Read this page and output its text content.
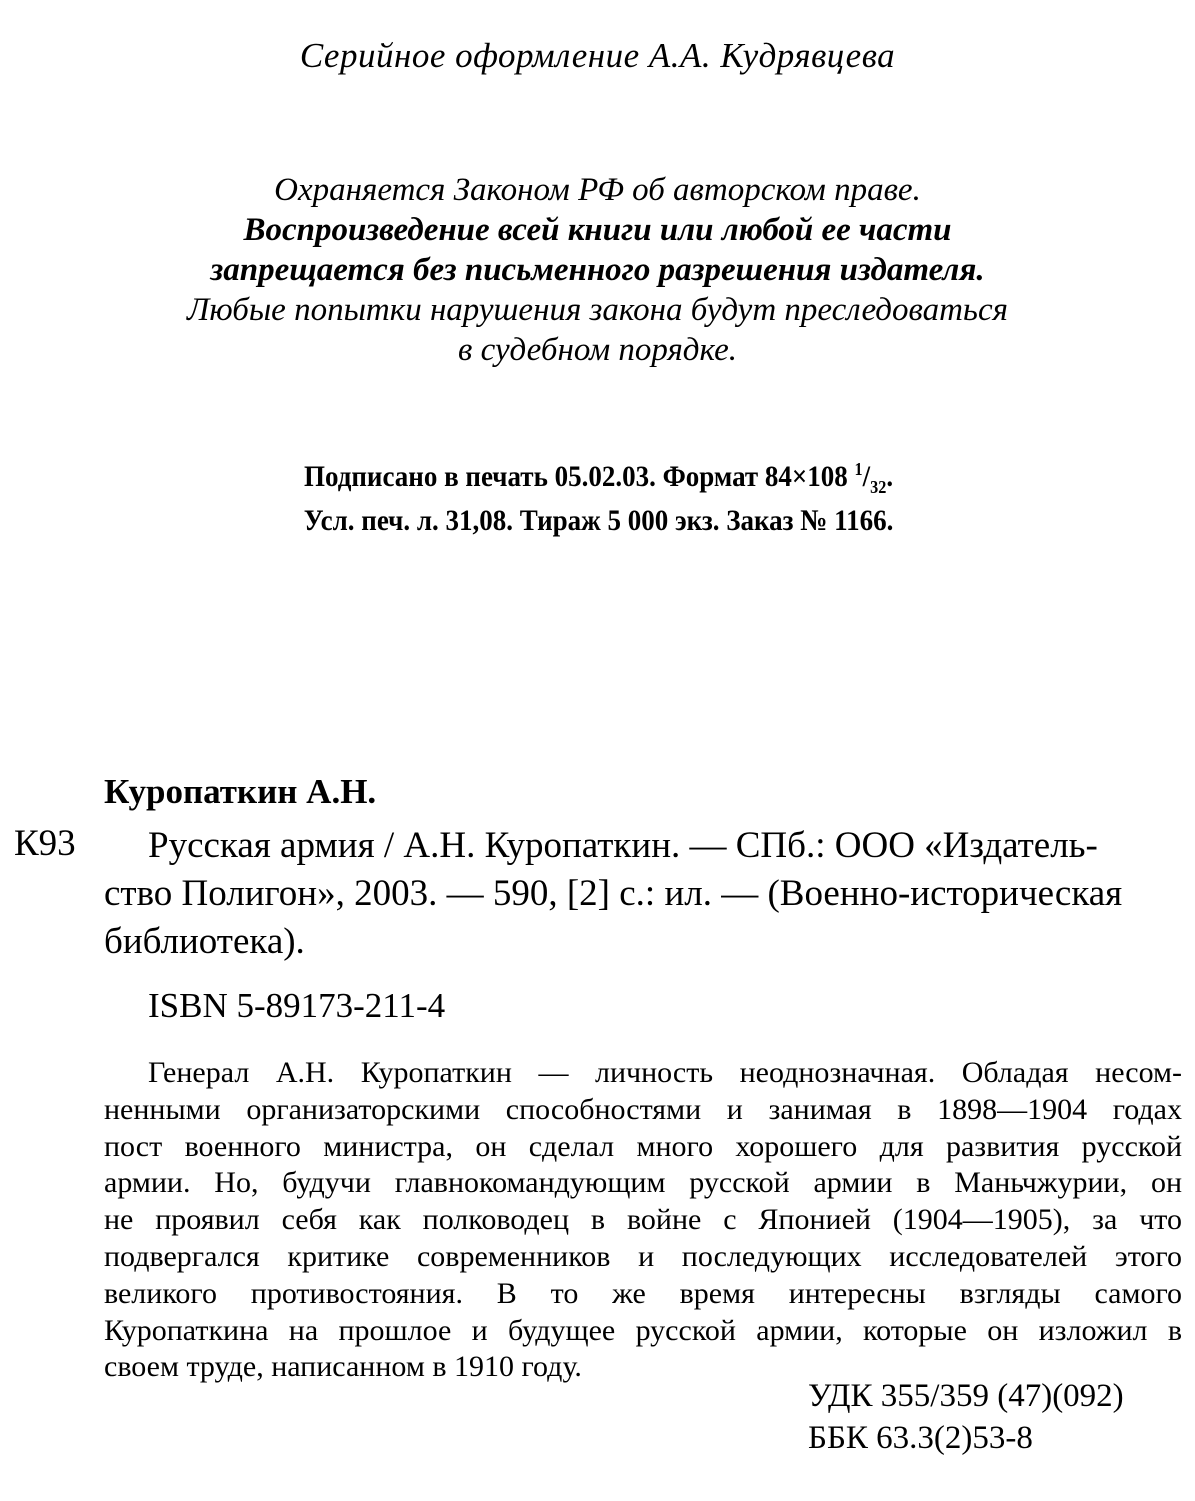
Серийное оформление А.А. Кудрявцева
Охраняется Законом РФ об авторском праве.
Воспроизведение всей книги или любой ее части
запрещается без письменного разрешения издателя.
Любые попытки нарушения закона будут преследоваться
в судебном порядке.
Подписано в печать 05.02.03. Формат 84×108 $^1/_{32}$.
Усл. печ. л. 31,08. Тираж 5 000 экз. Заказ № 1166.
Куропаткин А.Н.
К93	Русская армия / А.Н. Куропаткин. — СПб.: ООО «Издатель-
ство Полигон», 2003. — 590, [2] с.: ил. — (Военно-историческая
библиотека).
ISBN 5-89173-211-4
Генерал А.Н. Куропаткин — личность неоднозначная. Обладая несом-
ненными организаторскими способностями и занимая в 1898—1904 годах
пост военного министра, он сделал много хорошего для развития русской
армии. Но, будучи главнокомандующим русской армии в Маньчжурии, он
не проявил себя как полководец в войне с Японией (1904—1905), за что
подвергался критике современников и последующих исследователей этого
великого противостояния. В то же время интересны взгляды самого
Куропаткина на прошлое и будущее русской армии, которые он изложил в
своем труде, написанном в 1910 году.
УДК 355/359 (47)(092)
ББК 63.3(2)53-8
